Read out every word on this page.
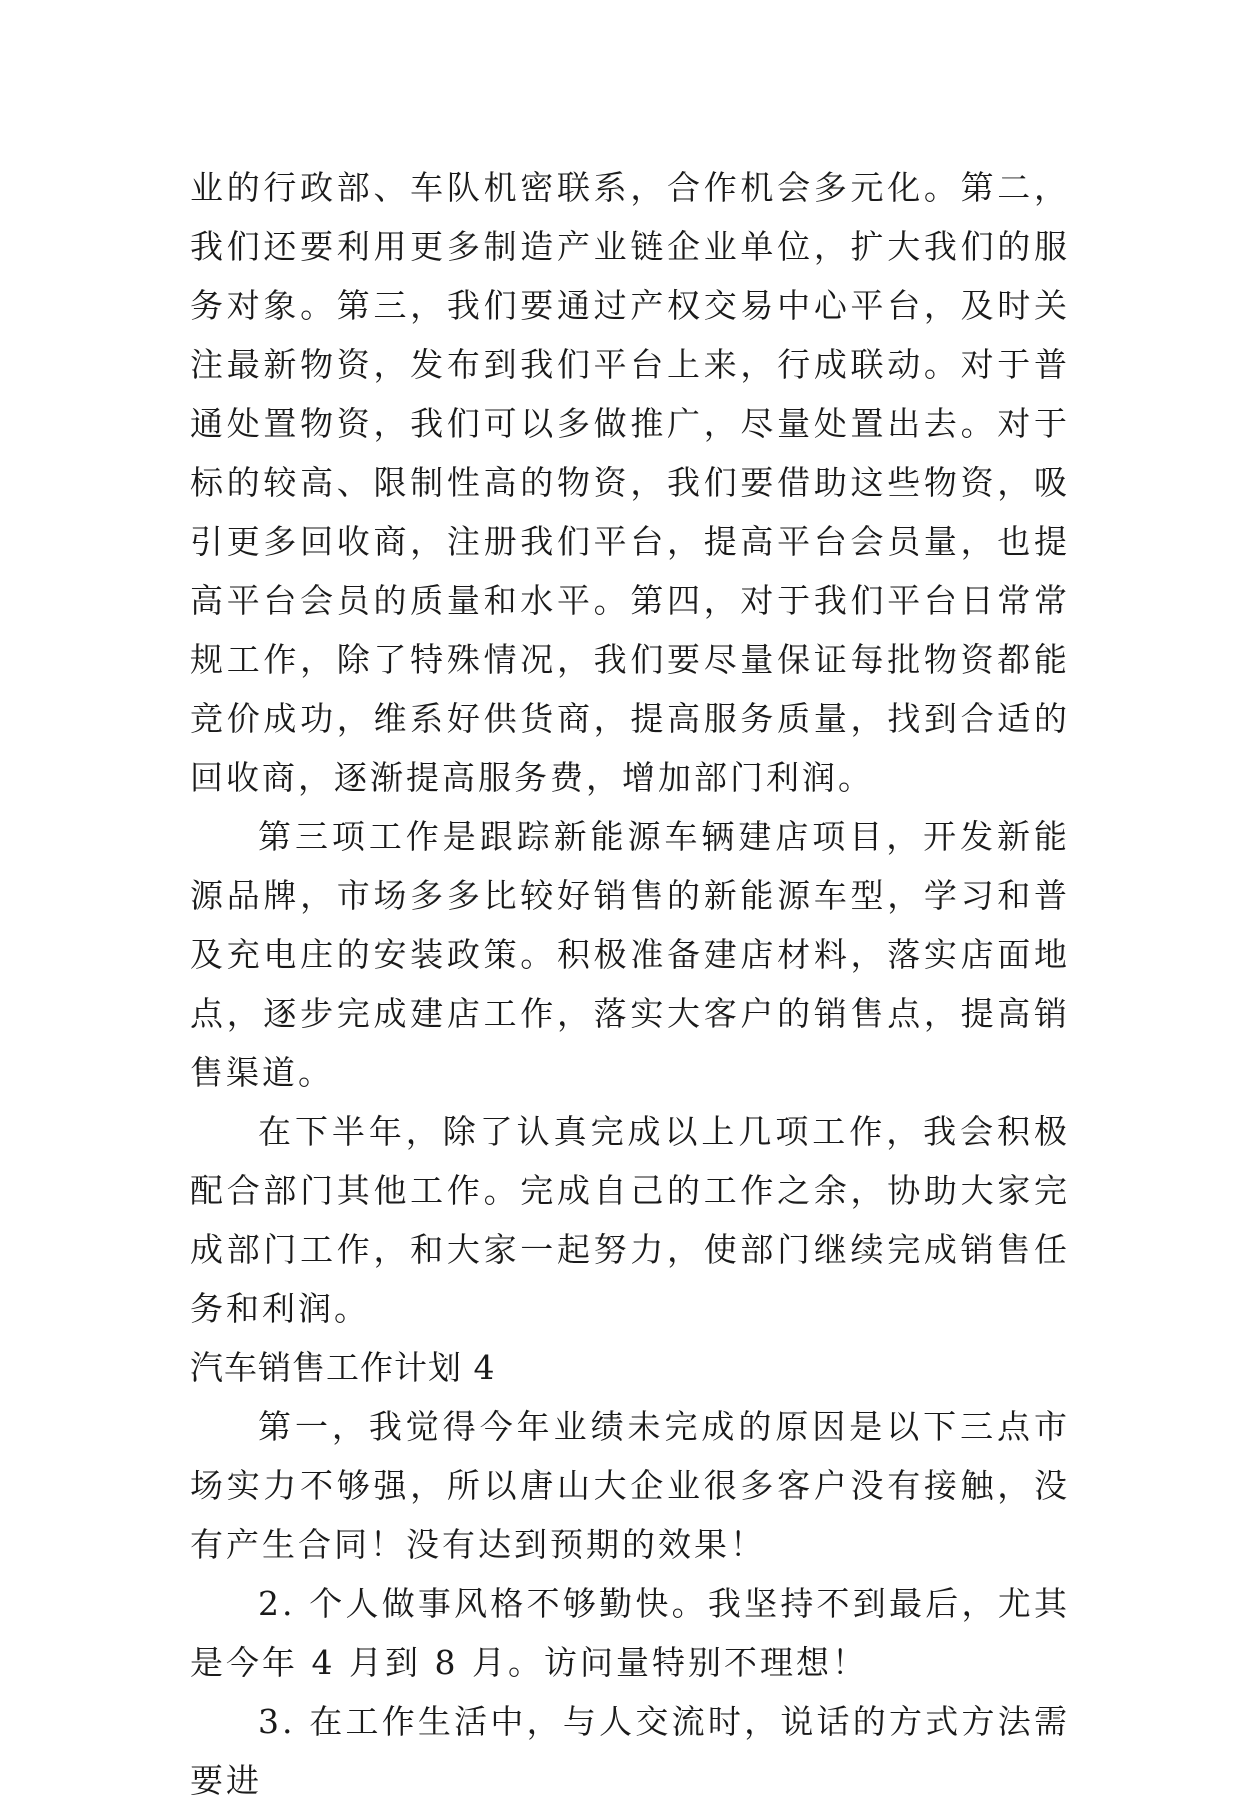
业的行政部、车队机密联系，合作机会多元化。第二，我们还要利用更多制造产业链企业单位，扩大我们的服务对象。第三，我们要通过产权交易中心平台，及时关注最新物资，发布到我们平台上来，行成联动。对于普通处置物资，我们可以多做推广，尽量处置出去。对于标的较高、限制性高的物资，我们要借助这些物资，吸引更多回收商，注册我们平台，提高平台会员量，也提高平台会员的质量和水平。第四，对于我们平台日常常规工作，除了特殊情况，我们要尽量保证每批物资都能竞价成功，维系好供货商，提高服务质量，找到合适的回收商，逐渐提高服务费，增加部门利润。

第三项工作是跟踪新能源车辆建店项目，开发新能源品牌，市场多多比较好销售的新能源车型，学习和普及充电庄的安装政策。积极准备建店材料，落实店面地点，逐步完成建店工作，落实大客户的销售点，提高销售渠道。

在下半年，除了认真完成以上几项工作，我会积极配合部门其他工作。完成自己的工作之余，协助大家完成部门工作，和大家一起努力，使部门继续完成销售任务和利润。

汽车销售工作计划 4

第一，我觉得今年业绩未完成的原因是以下三点市场实力不够强，所以唐山大企业很多客户没有接触，没有产生合同！没有达到预期的效果！

2. 个人做事风格不够勤快。我坚持不到最后，尤其是今年 4 月到 8 月。访问量特别不理想！

3. 在工作生活中，与人交流时，说话的方式方法需要进
